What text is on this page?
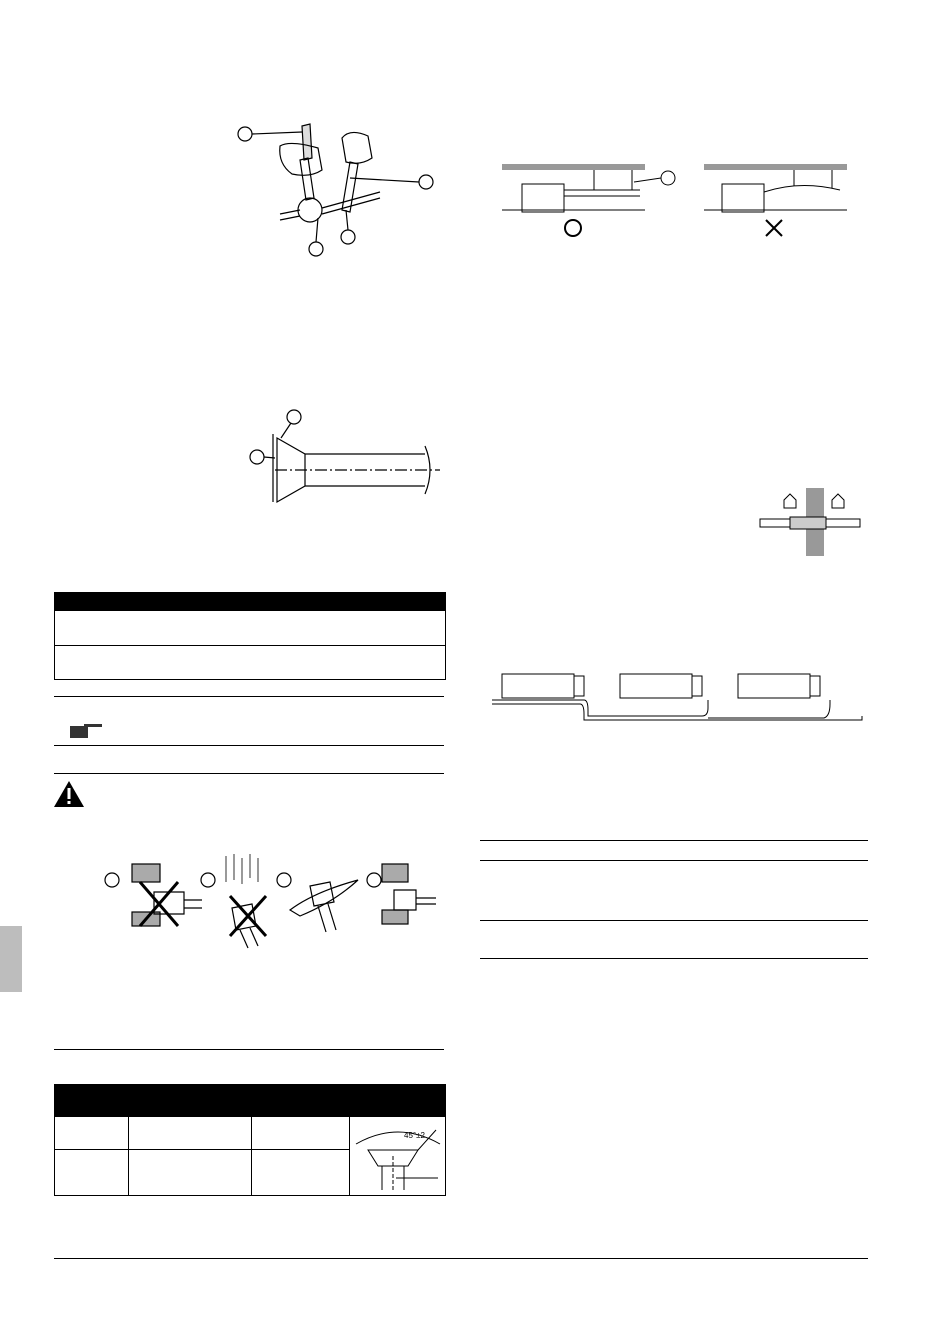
45°±2
